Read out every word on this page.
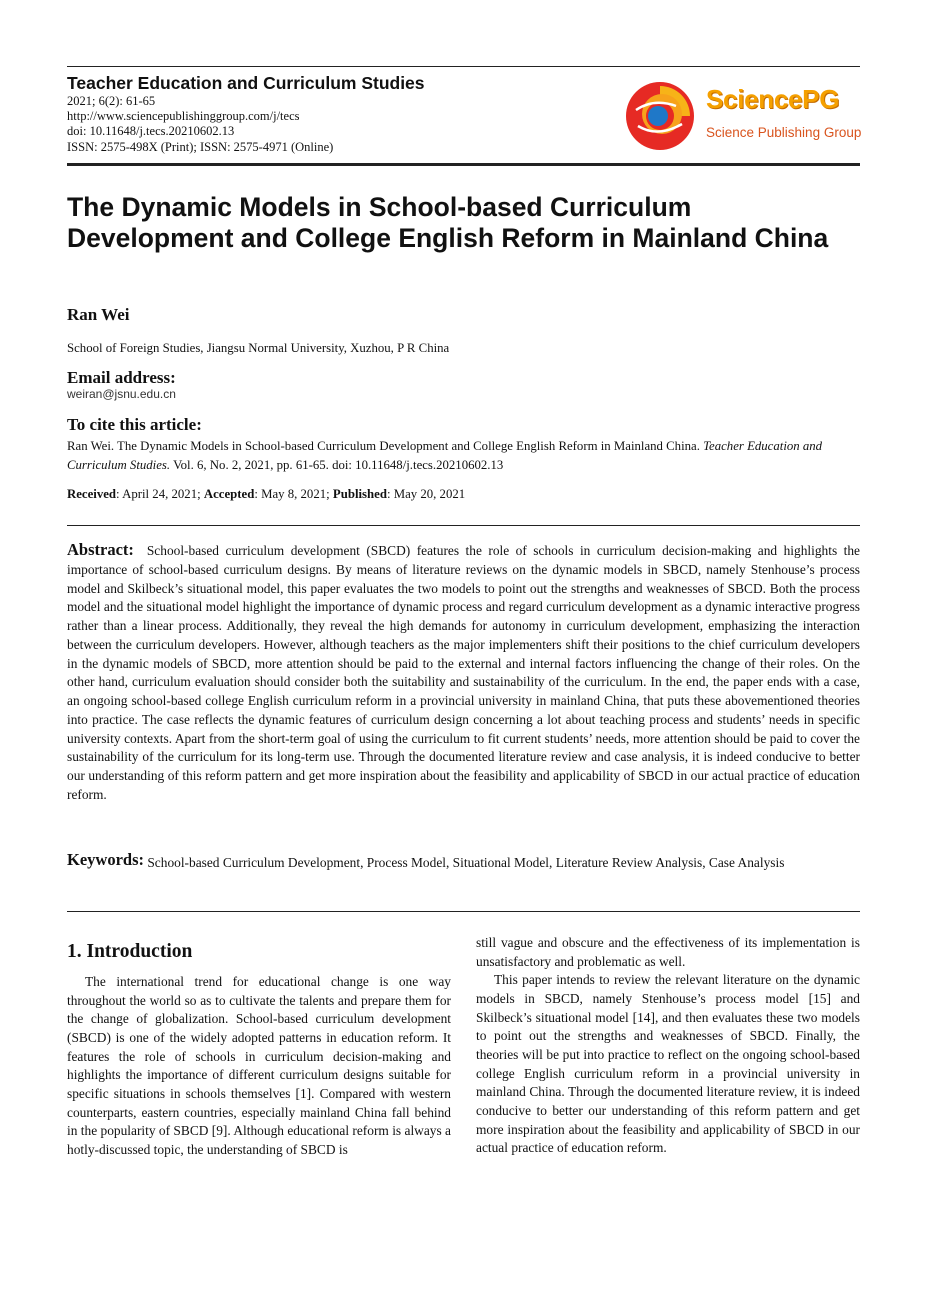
Teacher Education and Curriculum Studies
2021; 6(2): 61-65
http://www.sciencepublishinggroup.com/j/tecs
doi: 10.11648/j.tecs.20210602.13
ISSN: 2575-498X (Print); ISSN: 2575-4971 (Online)
SciencePG
Science Publishing Group
The Dynamic Models in School-based Curriculum Development and College English Reform in Mainland China
Ran Wei
School of Foreign Studies, Jiangsu Normal University, Xuzhou, P R China
Email address:
weiran@jsnu.edu.cn
To cite this article:
Ran Wei. The Dynamic Models in School-based Curriculum Development and College English Reform in Mainland China. Teacher Education and Curriculum Studies. Vol. 6, No. 2, 2021, pp. 61-65. doi: 10.11648/j.tecs.20210602.13
Received: April 24, 2021; Accepted: May 8, 2021; Published: May 20, 2021

Abstract: School-based curriculum development (SBCD) features the role of schools in curriculum decision-making and highlights the importance of school-based curriculum designs. By means of literature reviews on the dynamic models in SBCD, namely Stenhouse’s process model and Skilbeck’s situational model, this paper evaluates the two models to point out the strengths and weaknesses of SBCD. Both the process model and the situational model highlight the importance of dynamic process and regard curriculum development as a dynamic interactive progress rather than a linear process. Additionally, they reveal the high demands for autonomy in curriculum development, emphasizing the interaction between the curriculum developers. However, although teachers as the major implementers shift their positions to the chief curriculum developers in the dynamic models of SBCD, more attention should be paid to the external and internal factors influencing the change of their roles. On the other hand, curriculum evaluation should consider both the suitability and sustainability of the curriculum. In the end, the paper ends with a case, an ongoing school-based college English curriculum reform in a provincial university in mainland China, that puts these abovementioned theories into practice. The case reflects the dynamic features of curriculum design concerning a lot about teaching process and students’ needs in specific university contexts. Apart from the short-term goal of using the curriculum to fit current students’ needs, more attention should be paid to cover the sustainability of the curriculum for its long-term use. Through the documented literature review and case analysis, it is indeed conducive to better our understanding of this reform pattern and get more inspiration about the feasibility and applicability of SBCD in our actual practice of education reform.

Keywords: School-based Curriculum Development, Process Model, Situational Model, Literature Review Analysis, Case Analysis
1. Introduction

The international trend for educational change is one way throughout the world so as to cultivate the talents and prepare them for the change of globalization. School-based curriculum development (SBCD) is one of the widely adopted patterns in education reform. It features the role of schools in curriculum decision-making and highlights the importance of different curriculum designs suitable for specific situations in schools themselves [1]. Compared with western counterparts, eastern countries, especially mainland China fall behind in the popularity of SBCD [9]. Although educational reform is always a hotly-discussed topic, the understanding of SBCD is

still vague and obscure and the effectiveness of its implementation is unsatisfactory and problematic as well.

This paper intends to review the relevant literature on the dynamic models in SBCD, namely Stenhouse’s process model [15] and Skilbeck’s situational model [14], and then evaluates these two models to point out the strengths and weaknesses of SBCD. Finally, the theories will be put into practice to reflect on the ongoing school-based college English curriculum reform in a provincial university in mainland China. Through the documented literature review, it is indeed conducive to better our understanding of this reform pattern and get more inspiration about the feasibility and applicability of SBCD in our actual practice of education reform.
